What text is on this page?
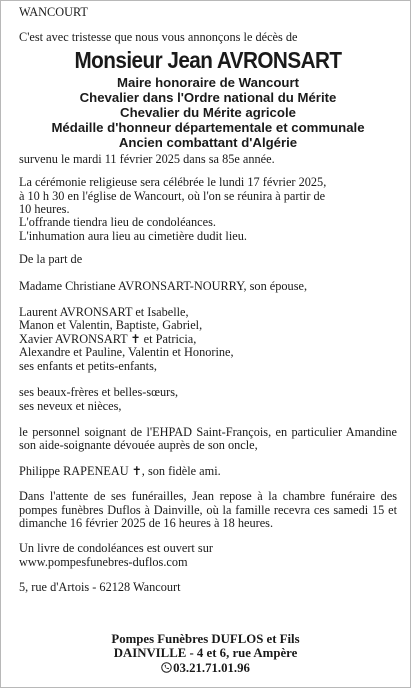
WANCOURT

C'est avec tristesse que nous vous annonçons le décès de

Monsieur Jean AVRONSART
Maire honoraire de Wancourt
Chevalier dans l'Ordre national du Mérite
Chevalier du Mérite agricole
Médaille d'honneur départementale et communale
Ancien combattant d'Algérie

survenu le mardi 11 février 2025 dans sa 85e année.

La cérémonie religieuse sera célébrée le lundi 17 février 2025,
à 10 h 30 en l'église de Wancourt, où l'on se réunira à partir de
10 heures.
L'offrande tiendra lieu de condoléances.
L'inhumation aura lieu au cimetière dudit lieu.

De la part de

Madame Christiane AVRONSART-NOURRY, son épouse,

Laurent AVRONSART et Isabelle,
Manon et Valentin, Baptiste, Gabriel,
Xavier AVRONSART ✝ et Patricia,
Alexandre et Pauline, Valentin et Honorine,
ses enfants et petits-enfants,
ses beaux-frères et belles-sœurs,
ses neveux et nièces,

le personnel soignant de l'EHPAD Saint-François, en particulier Amandine son aide-soignante dévouée auprès de son oncle,

Philippe RAPENEAU ✝, son fidèle ami.

Dans l'attente de ses funérailles, Jean repose à la chambre funéraire des pompes funèbres Duflos à Dainville, où la famille recevra ces samedi 15 et dimanche 16 février 2025 de 16 heures à 18 heures.

Un livre de condoléances est ouvert sur
www.pompesfunebres-duflos.com

5, rue d'Artois - 62128 Wancourt

Pompes Funèbres DUFLOS et Fils
DAINVILLE - 4 et 6, rue Ampère
03.21.71.01.96
